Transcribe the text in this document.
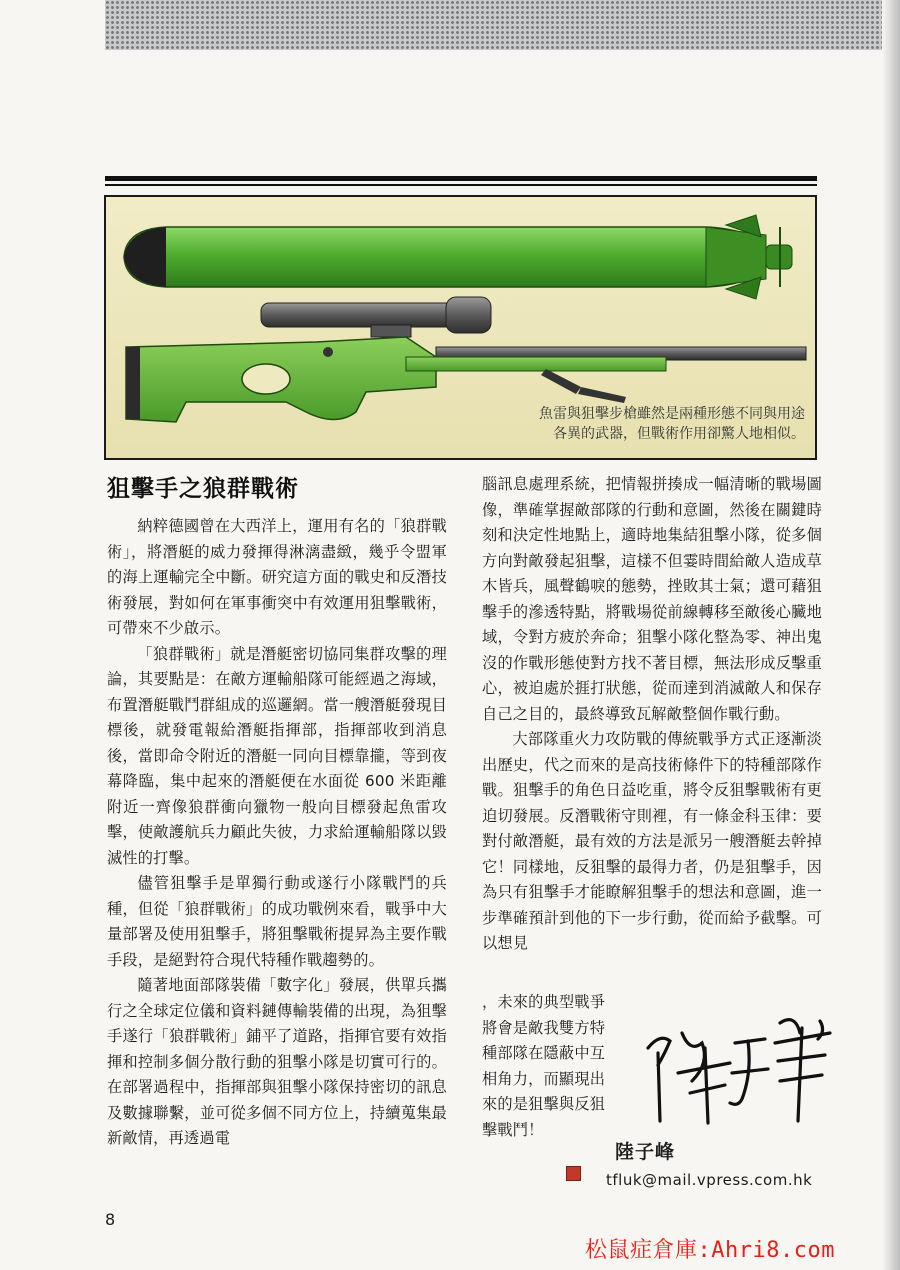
魚雷與狙擊步槍雖然是兩種形態不同與用途
各異的武器，但戰術作用卻驚人地相似。
狙擊手之狼群戰術

納粹德國曾在大西洋上，運用有名的「狼群戰術」，將潛艇的威力發揮得淋漓盡緻，幾乎令盟軍的海上運輸完全中斷。研究這方面的戰史和反潛技術發展，對如何在軍事衝突中有效運用狙擊戰術，可帶來不少啟示。

「狼群戰術」就是潛艇密切協同集群攻擊的理論，其要點是：在敵方運輸船隊可能經過之海域，布置潛艇戰鬥群組成的巡邏網。當一艘潛艇發現目標後，就發電報給潛艇指揮部，指揮部收到消息後，當即命令附近的潛艇一同向目標靠攏，等到夜幕降臨，集中起來的潛艇便在水面從 600 米距離附近一齊像狼群衝向獵物一般向目標發起魚雷攻擊，使敵護航兵力顧此失彼，力求給運輸船隊以毀滅性的打擊。

儘管狙擊手是單獨行動或遂行小隊戰鬥的兵種，但從「狼群戰術」的成功戰例來看，戰爭中大量部署及使用狙擊手，將狙擊戰術提昇為主要作戰手段，是絕對符合現代特種作戰趨勢的。

隨著地面部隊裝備「數字化」發展，供單兵攜行之全球定位儀和資料鏈傳輸裝備的出現，為狙擊手遂行「狼群戰術」鋪平了道路，指揮官要有效指揮和控制多個分散行動的狙擊小隊是切實可行的。在部署過程中，指揮部與狙擊小隊保持密切的訊息及數據聯繫，並可從多個不同方位上，持續蒐集最新敵情，再透過電

腦訊息處理系統，把情報拼揍成一幅清晰的戰場圖像，準確掌握敵部隊的行動和意圖，然後在關鍵時刻和決定性地點上，適時地集結狙擊小隊，從多個方向對敵發起狙擊，這樣不但霎時間給敵人造成草木皆兵，風聲鶴唳的態勢，挫敗其士氣；還可藉狙擊手的滲透特點，將戰場從前線轉移至敵後心臟地域，令對方疲於奔命；狙擊小隊化整為零、神出鬼沒的作戰形態使對方找不著目標，無法形成反擊重心，被迫處於捱打狀態，從而達到消滅敵人和保存自己之目的，最終導致瓦解敵整個作戰行動。

大部隊重火力攻防戰的傳統戰爭方式正逐漸淡出歷史，代之而來的是高技術條件下的特種部隊作戰。狙擊手的角色日益吃重，將令反狙擊戰術有更迫切發展。反潛戰術守則裡，有一條金科玉律：要對付敵潛艇，最有效的方法是派另一艘潛艇去幹掉它！同樣地，反狙擊的最得力者，仍是狙擊手，因為只有狙擊手才能瞭解狙擊手的想法和意圖，進一步準確預計到他的下一步行動，從而給予截擊。可以想見

，未來的典型戰爭將會是敵我雙方特種部隊在隱蔽中互相角力，而顯現出來的是狙擊與反狙擊戰鬥！
陸子峰
tfluk@mail.vpress.com.hk
8
松鼠症倉庫:Ahri8.com
